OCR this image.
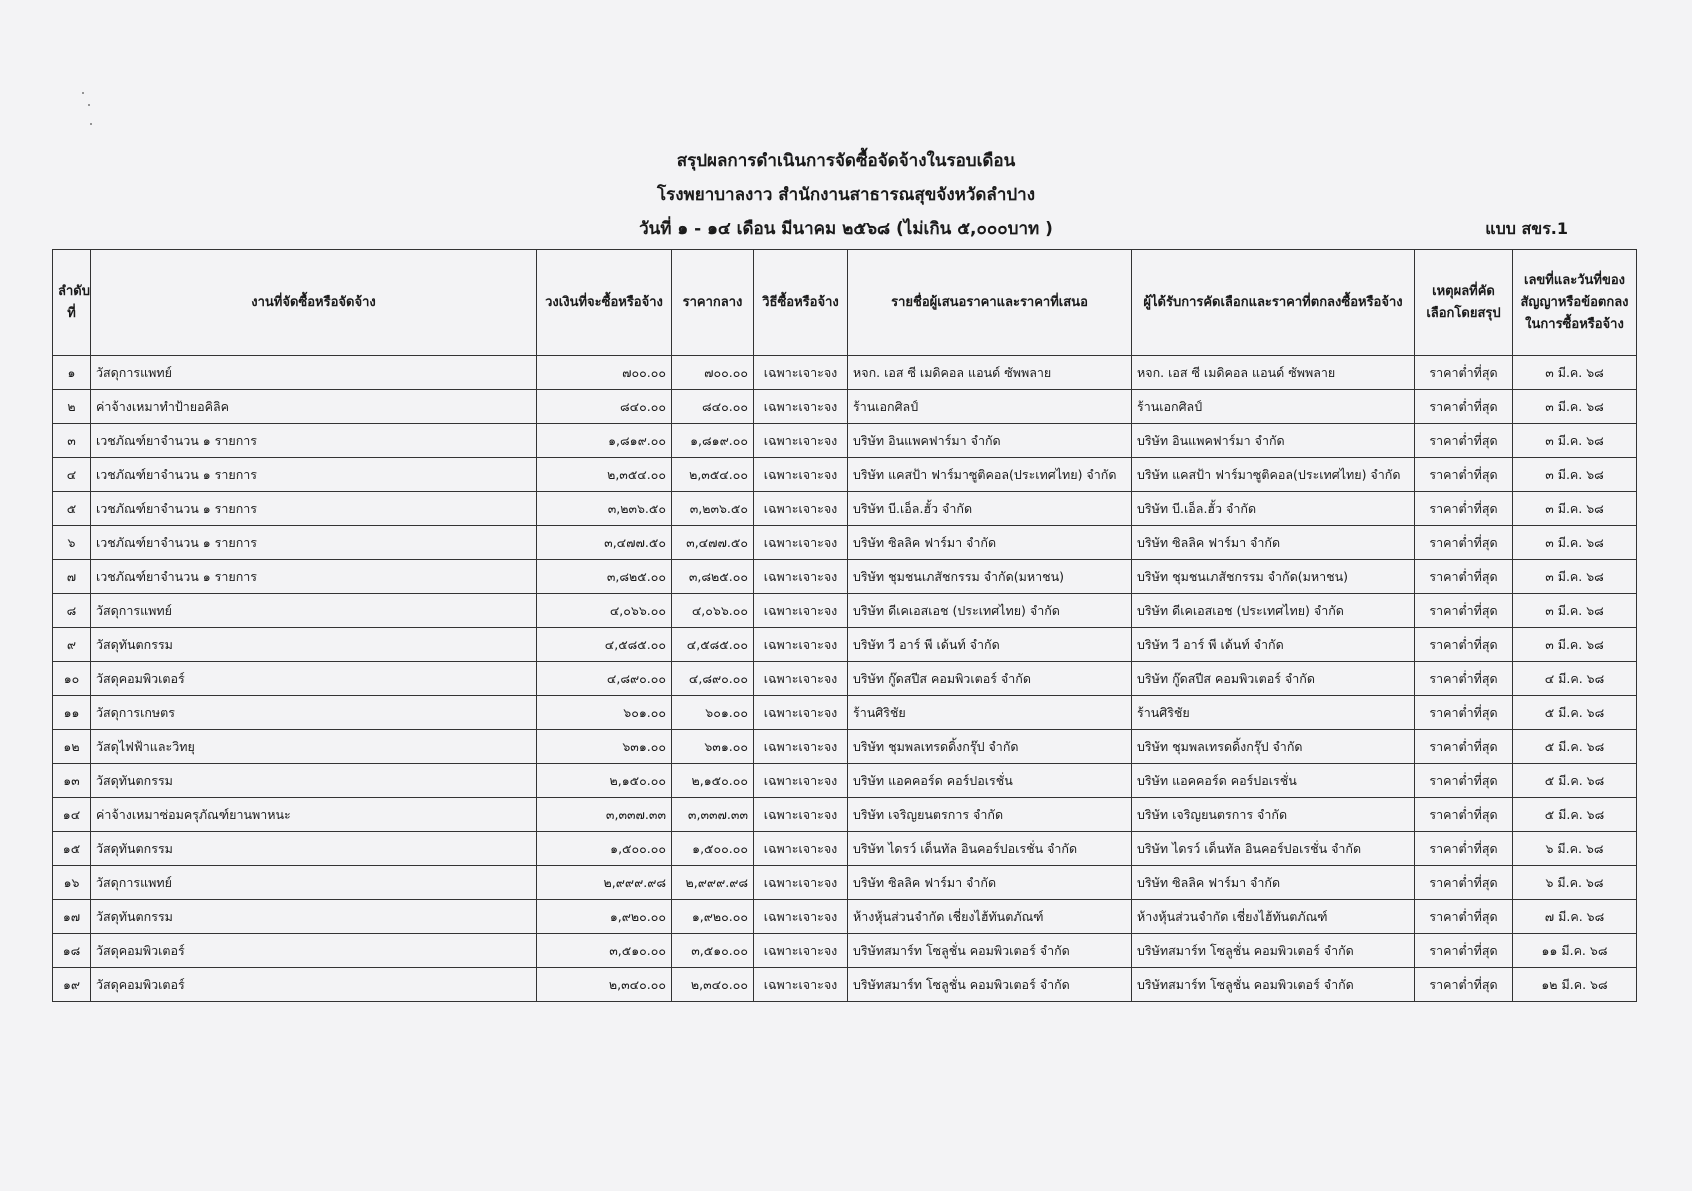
สรุปผลการดำเนินการจัดซื้อจัดจ้างในรอบเดือน
โรงพยาบาลงาว สำนักงานสาธารณสุขจังหวัดลำปาง
วันที่ ๑ - ๑๔ เดือน มีนาคม ๒๕๖๘ (ไม่เกิน ๕,๐๐๐บาท )	แบบ สขร.1
ลำดับที่	งานที่จัดซื้อหรือจัดจ้าง	วงเงินที่จะซื้อหรือจ้าง	ราคากลาง	วิธีซื้อหรือจ้าง	รายชื่อผู้เสนอราคาและราคาที่เสนอ	ผู้ได้รับการคัดเลือกและราคาที่ตกลงซื้อหรือจ้าง	เหตุผลที่คัดเลือกโดยสรุป	เลขที่และวันที่ของสัญญาหรือข้อตกลงในการซื้อหรือจ้าง
๑	วัสดุการแพทย์	๗๐๐.๐๐	๗๐๐.๐๐	เฉพาะเจาะจง	หจก. เอส ซี เมดิคอล แอนด์ ซัพพลาย	หจก. เอส ซี เมดิคอล แอนด์ ซัพพลาย	ราคาต่ำที่สุด	๓ มี.ค. ๖๘
๒	ค่าจ้างเหมาทำป้ายอคิลิค	๘๔๐.๐๐	๘๔๐.๐๐	เฉพาะเจาะจง	ร้านเอกศิลป์	ร้านเอกศิลป์	ราคาต่ำที่สุด	๓ มี.ค. ๖๘
๓	เวชภัณฑ์ยาจำนวน ๑ รายการ	๑,๘๑๙.๐๐	๑,๘๑๙.๐๐	เฉพาะเจาะจง	บริษัท อินแพคฟาร์มา จำกัด	บริษัท อินแพคฟาร์มา จำกัด	ราคาต่ำที่สุด	๓ มี.ค. ๖๘
๔	เวชภัณฑ์ยาจำนวน ๑ รายการ	๒,๓๕๔.๐๐	๒,๓๕๔.๐๐	เฉพาะเจาะจง	บริษัท แคสป้า ฟาร์มาซูติคอล(ประเทศไทย) จำกัด	บริษัท แคสป้า ฟาร์มาซูติคอล(ประเทศไทย) จำกัด	ราคาต่ำที่สุด	๓ มี.ค. ๖๘
๕	เวชภัณฑ์ยาจำนวน ๑ รายการ	๓,๒๓๖.๕๐	๓,๒๓๖.๕๐	เฉพาะเจาะจง	บริษัท บี.เอ็ล.ฮั้ว จำกัด	บริษัท บี.เอ็ล.ฮั้ว จำกัด	ราคาต่ำที่สุด	๓ มี.ค. ๖๘
๖	เวชภัณฑ์ยาจำนวน ๑ รายการ	๓,๔๗๗.๕๐	๓,๔๗๗.๕๐	เฉพาะเจาะจง	บริษัท ซิลลิค ฟาร์มา จำกัด	บริษัท ซิลลิค ฟาร์มา จำกัด	ราคาต่ำที่สุด	๓ มี.ค. ๖๘
๗	เวชภัณฑ์ยาจำนวน ๑ รายการ	๓,๘๒๕.๐๐	๓,๘๒๕.๐๐	เฉพาะเจาะจง	บริษัท ชุมชนเภสัชกรรม จำกัด(มหาชน)	บริษัท ชุมชนเภสัชกรรม จำกัด(มหาชน)	ราคาต่ำที่สุด	๓ มี.ค. ๖๘
๘	วัสดุการแพทย์	๔,๐๖๖.๐๐	๔,๐๖๖.๐๐	เฉพาะเจาะจง	บริษัท ดีเคเอสเอช (ประเทศไทย) จำกัด	บริษัท ดีเคเอสเอช (ประเทศไทย) จำกัด	ราคาต่ำที่สุด	๓ มี.ค. ๖๘
๙	วัสดุทันตกรรม	๔,๕๘๕.๐๐	๔,๕๘๕.๐๐	เฉพาะเจาะจง	บริษัท วี อาร์ พี เด้นท์ จำกัด	บริษัท วี อาร์ พี เด้นท์ จำกัด	ราคาต่ำที่สุด	๓ มี.ค. ๖๘
๑๐	วัสดุคอมพิวเตอร์	๔,๘๙๐.๐๐	๔,๘๙๐.๐๐	เฉพาะเจาะจง	บริษัท กู๊ดสปีส คอมพิวเตอร์ จำกัด	บริษัท กู๊ดสปีส คอมพิวเตอร์ จำกัด	ราคาต่ำที่สุด	๔ มี.ค. ๖๘
๑๑	วัสดุการเกษตร	๖๐๑.๐๐	๖๐๑.๐๐	เฉพาะเจาะจง	ร้านศิริชัย	ร้านศิริชัย	ราคาต่ำที่สุด	๕ มี.ค. ๖๘
๑๒	วัสดุไฟฟ้าและวิทยุ	๖๓๑.๐๐	๖๓๑.๐๐	เฉพาะเจาะจง	บริษัท ชุมพลเทรดดิ้งกรุ๊ป จำกัด	บริษัท ชุมพลเทรดดิ้งกรุ๊ป จำกัด	ราคาต่ำที่สุด	๕ มี.ค. ๖๘
๑๓	วัสดุทันตกรรม	๒,๑๕๐.๐๐	๒,๑๕๐.๐๐	เฉพาะเจาะจง	บริษัท แอคคอร์ด คอร์ปอเรชั่น	บริษัท แอคคอร์ด คอร์ปอเรชั่น	ราคาต่ำที่สุด	๕ มี.ค. ๖๘
๑๔	ค่าจ้างเหมาซ่อมครุภัณฑ์ยานพาหนะ	๓,๓๓๗.๓๓	๓,๓๓๗.๓๓	เฉพาะเจาะจง	บริษัท เจริญยนตรการ จำกัด	บริษัท เจริญยนตรการ จำกัด	ราคาต่ำที่สุด	๕ มี.ค. ๖๘
๑๕	วัสดุทันตกรรม	๑,๕๐๐.๐๐	๑,๕๐๐.๐๐	เฉพาะเจาะจง	บริษัท ไดรว์ เด็นทัล อินคอร์ปอเรชั่น จำกัด	บริษัท ไดรว์ เด็นทัล อินคอร์ปอเรชั่น จำกัด	ราคาต่ำที่สุด	๖ มี.ค. ๖๘
๑๖	วัสดุการแพทย์	๒,๙๙๙.๙๘	๒,๙๙๙.๙๘	เฉพาะเจาะจง	บริษัท ซิลลิค ฟาร์มา จำกัด	บริษัท ซิลลิค ฟาร์มา จำกัด	ราคาต่ำที่สุด	๖ มี.ค. ๖๘
๑๗	วัสดุทันตกรรม	๑,๙๒๐.๐๐	๑,๙๒๐.๐๐	เฉพาะเจาะจง	ห้างหุ้นส่วนจำกัด เชี่ยงไฮ้ทันตภัณฑ์	ห้างหุ้นส่วนจำกัด เชี่ยงไฮ้ทันตภัณฑ์	ราคาต่ำที่สุด	๗ มี.ค. ๖๘
๑๘	วัสดุคอมพิวเตอร์	๓,๕๑๐.๐๐	๓,๕๑๐.๐๐	เฉพาะเจาะจง	บริษัทสมาร์ท โซลูชั่น คอมพิวเตอร์ จำกัด	บริษัทสมาร์ท โซลูชั่น คอมพิวเตอร์ จำกัด	ราคาต่ำที่สุด	๑๑ มี.ค. ๖๘
๑๙	วัสดุคอมพิวเตอร์	๒,๓๔๐.๐๐	๒,๓๔๐.๐๐	เฉพาะเจาะจง	บริษัทสมาร์ท โซลูชั่น คอมพิวเตอร์ จำกัด	บริษัทสมาร์ท โซลูชั่น คอมพิวเตอร์ จำกัด	ราคาต่ำที่สุด	๑๒ มี.ค. ๖๘
